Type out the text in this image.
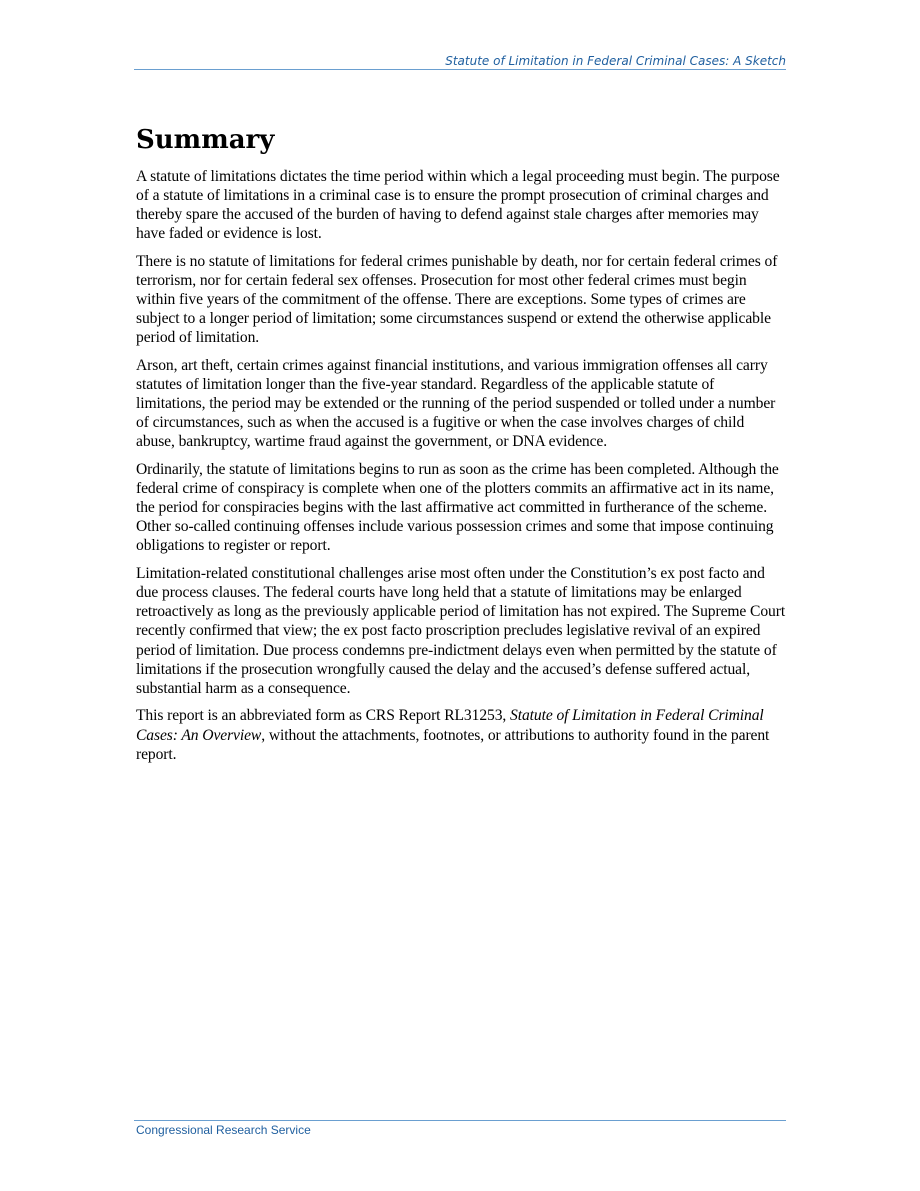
Statute of Limitation in Federal Criminal Cases: A Sketch
Summary

A statute of limitations dictates the time period within which a legal proceeding must begin. The purpose of a statute of limitations in a criminal case is to ensure the prompt prosecution of criminal charges and thereby spare the accused of the burden of having to defend against stale charges after memories may have faded or evidence is lost.

There is no statute of limitations for federal crimes punishable by death, nor for certain federal crimes of terrorism, nor for certain federal sex offenses. Prosecution for most other federal crimes must begin within five years of the commitment of the offense. There are exceptions. Some types of crimes are subject to a longer period of limitation; some circumstances suspend or extend the otherwise applicable period of limitation.

Arson, art theft, certain crimes against financial institutions, and various immigration offenses all carry statutes of limitation longer than the five-year standard. Regardless of the applicable statute of limitations, the period may be extended or the running of the period suspended or tolled under a number of circumstances, such as when the accused is a fugitive or when the case involves charges of child abuse, bankruptcy, wartime fraud against the government, or DNA evidence.

Ordinarily, the statute of limitations begins to run as soon as the crime has been completed. Although the federal crime of conspiracy is complete when one of the plotters commits an affirmative act in its name, the period for conspiracies begins with the last affirmative act committed in furtherance of the scheme. Other so-called continuing offenses include various possession crimes and some that impose continuing obligations to register or report.

Limitation-related constitutional challenges arise most often under the Constitution’s ex post facto and due process clauses. The federal courts have long held that a statute of limitations may be enlarged retroactively as long as the previously applicable period of limitation has not expired. The Supreme Court recently confirmed that view; the ex post facto proscription precludes legislative revival of an expired period of limitation. Due process condemns pre-indictment delays even when permitted by the statute of limitations if the prosecution wrongfully caused the delay and the accused’s defense suffered actual, substantial harm as a consequence.

This report is an abbreviated form as CRS Report RL31253, Statute of Limitation in Federal Criminal Cases: An Overview, without the attachments, footnotes, or attributions to authority found in the parent report.

Congressional Research Service
